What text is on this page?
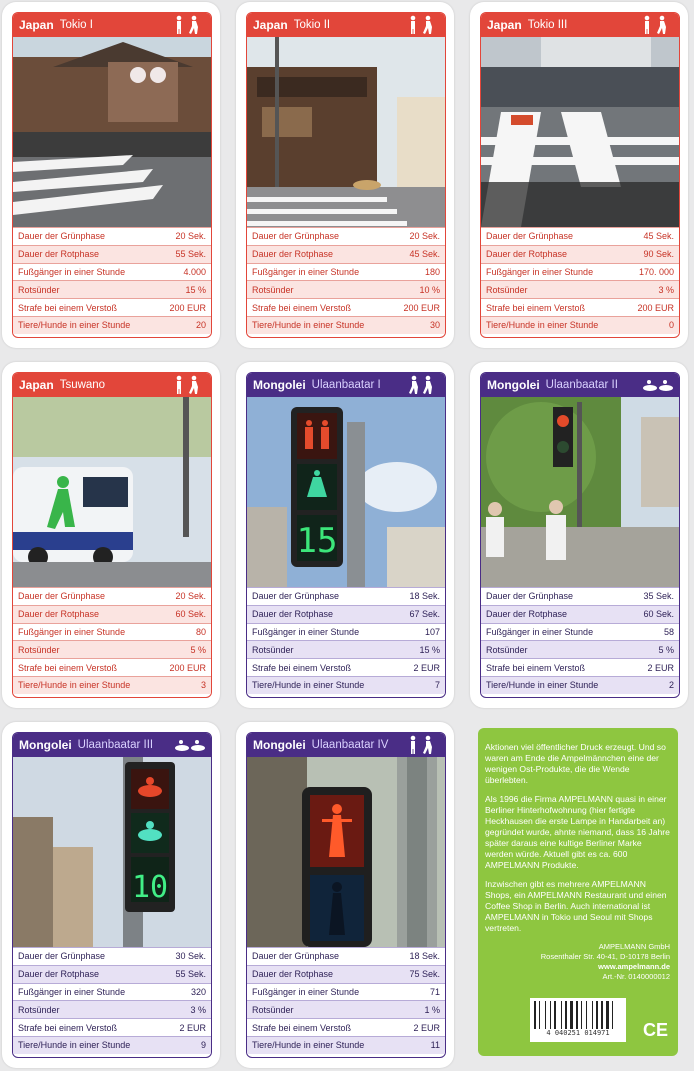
Japan Tokio I
Dauer der Grünphase	20 Sek.
Dauer der Rotphase	55 Sek.
Fußgänger in einer Stunde	4.000
Rotsünder	15 %
Strafe bei einem Verstoß	200 EUR
Tiere/Hunde in einer Stunde	20
Japan Tokio II
Dauer der Grünphase	20 Sek.
Dauer der Rotphase	45 Sek.
Fußgänger in einer Stunde	180
Rotsünder	10 %
Strafe bei einem Verstoß	200 EUR
Tiere/Hunde in einer Stunde	30
Japan Tokio III
Dauer der Grünphase	45 Sek.
Dauer der Rotphase	90 Sek.
Fußgänger in einer Stunde	170. 000
Rotsünder	3 %
Strafe bei einem Verstoß	200 EUR
Tiere/Hunde in einer Stunde	0
Japan Tsuwano
Dauer der Grünphase	20 Sek.
Dauer der Rotphase	60 Sek.
Fußgänger in einer Stunde	80
Rotsünder	5 %
Strafe bei einem Verstoß	200 EUR
Tiere/Hunde in einer Stunde	3
Mongolei Ulaanbaatar I
15
Dauer der Grünphase	18 Sek.
Dauer der Rotphase	67 Sek.
Fußgänger in einer Stunde	107
Rotsünder	15 %
Strafe bei einem Verstoß	2 EUR
Tiere/Hunde in einer Stunde	7
Mongolei Ulaanbaatar II
Dauer der Grünphase	35 Sek.
Dauer der Rotphase	60 Sek.
Fußgänger in einer Stunde	58
Rotsünder	5 %
Strafe bei einem Verstoß	2 EUR
Tiere/Hunde in einer Stunde	2
Mongolei Ulaanbaatar III
10
Dauer der Grünphase	30 Sek.
Dauer der Rotphase	55 Sek.
Fußgänger in einer Stunde	320
Rotsünder	3 %
Strafe bei einem Verstoß	2 EUR
Tiere/Hunde in einer Stunde	9
Mongolei Ulaanbaatar IV
Dauer der Grünphase	18 Sek.
Dauer der Rotphase	75 Sek.
Fußgänger in einer Stunde	71
Rotsünder	1 %
Strafe bei einem Verstoß	2 EUR
Tiere/Hunde in einer Stunde	11

Aktionen viel öffentlicher Druck erzeugt. Und so waren am Ende die Ampelmännchen eine der wenigen Ost-Produkte, die die Wende überlebten.

Als 1996 die Firma AMPELMANN quasi in einer Berliner Hinterhofwohnung (hier fertigte Heckhausen die erste Lampe in Handarbeit an) gegründet wurde, ahnte niemand, dass 16 Jahre später daraus eine kultige Berliner Marke werden würde. Aktuell gibt es ca. 600 AMPELMANN Produkte.

Inzwischen gibt es mehrere AMPELMANN Shops, ein AMPELMANN Restaurant und einen Coffee Shop in Berlin. Auch international ist AMPELMANN in Tokio und Seoul mit Shops vertreten.

AMPELMANN GmbH
Rosenthaler Str. 40-41, D-10178 Berlin
www.ampelmann.de
Art.-Nr. 0140000012
4 040251 014971	CE
